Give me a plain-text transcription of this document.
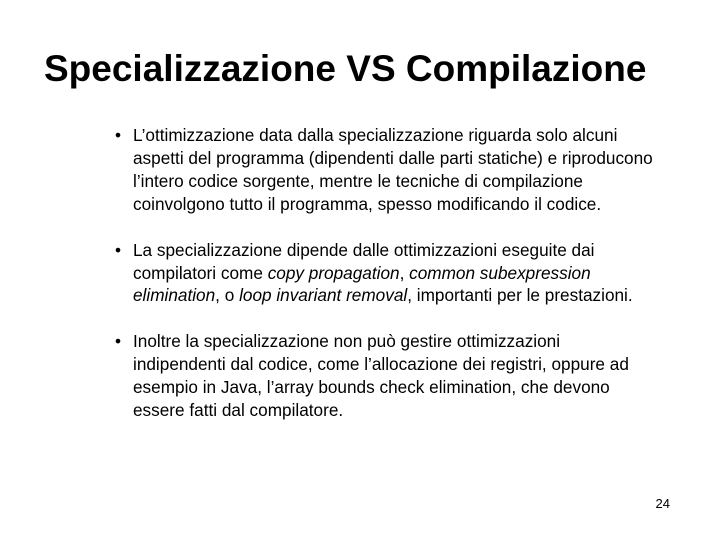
Specializzazione VS Compilazione
• L’ottimizzazione data dalla specializzazione riguarda solo alcuni aspetti del programma (dipendenti dalle parti statiche) e riproducono l’intero codice sorgente, mentre le tecniche di compilazione coinvolgono tutto il programma, spesso modificando il codice.
• La specializzazione dipende dalle ottimizzazioni eseguite dai compilatori come copy propagation, common subexpression elimination, o loop invariant removal, importanti per le prestazioni.
• Inoltre la specializzazione non può gestire ottimizzazioni indipendenti dal codice, come l’allocazione dei registri, oppure ad esempio in Java, l’array bounds check elimination, che devono essere fatti dal compilatore.
24
